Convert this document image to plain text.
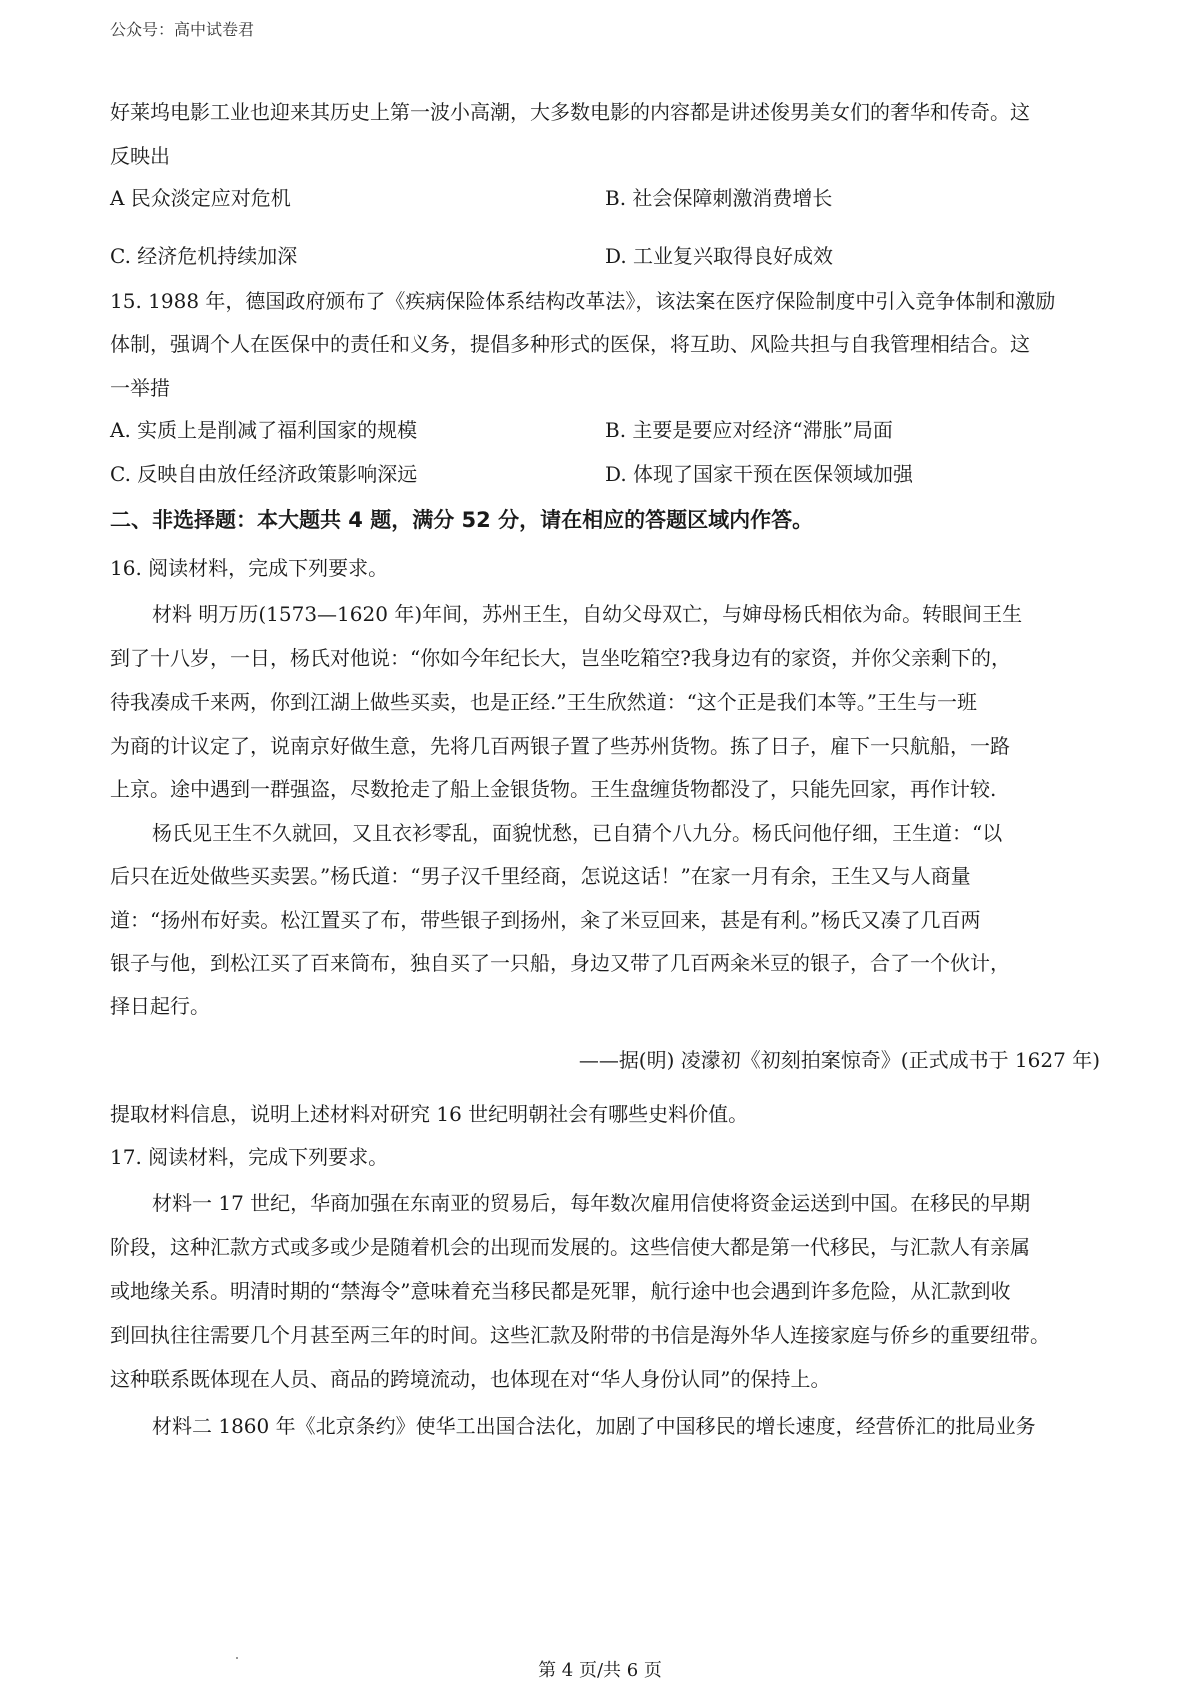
公众号：高中试卷君
好莱坞电影工业也迎来其历史上第一波小高潮，大多数电影的内容都是讲述俊男美女们的奢华和传奇。这
反映出
A 民众淡定应对危机	B. 社会保障刺激消费增长
C. 经济危机持续加深	D. 工业复兴取得良好成效
15. 1988 年，德国政府颁布了《疾病保险体系结构改革法》，该法案在医疗保险制度中引入竞争体制和激励
体制，强调个人在医保中的责任和义务，提倡多种形式的医保，将互助、风险共担与自我管理相结合。这
一举措
A. 实质上是削减了福利国家的规模	B. 主要是要应对经济“滞胀”局面
C. 反映自由放任经济政策影响深远	D. 体现了国家干预在医保领域加强
二、非选择题：本大题共 4 题，满分 52 分，请在相应的答题区域内作答。
16. 阅读材料，完成下列要求。
材料 明万历(1573—1620 年)年间，苏州王生，自幼父母双亡，与婶母杨氏相依为命。转眼间王生
到了十八岁，一日，杨氏对他说：“你如今年纪长大，岂坐吃箱空?我身边有的家资，并你父亲剩下的，
待我凑成千来两，你到江湖上做些买卖，也是正经.”王生欣然道：“这个正是我们本等。”王生与一班
为商的计议定了，说南京好做生意，先将几百两银子置了些苏州货物。拣了日子，雇下一只航船，一路
上京。途中遇到一群强盗，尽数抢走了船上金银货物。王生盘缠货物都没了，只能先回家，再作计较.
杨氏见王生不久就回，又且衣衫零乱，面貌忧愁，已自猜个八九分。杨氏问他仔细，王生道：“以
后只在近处做些买卖罢。”杨氏道：“男子汉千里经商，怎说这话！”在家一月有余，王生又与人商量
道：“扬州布好卖。松江置买了布，带些银子到扬州，籴了米豆回来，甚是有利。”杨氏又凑了几百两
银子与他，到松江买了百来筒布，独自买了一只船，身边又带了几百两籴米豆的银子，合了一个伙计，
择日起行。
——据(明) 凌濛初《初刻拍案惊奇》(正式成书于 1627 年)
提取材料信息，说明上述材料对研究 16 世纪明朝社会有哪些史料价值。
17. 阅读材料，完成下列要求。
材料一 17 世纪，华商加强在东南亚的贸易后，每年数次雇用信使将资金运送到中国。在移民的早期
阶段，这种汇款方式或多或少是随着机会的出现而发展的。这些信使大都是第一代移民，与汇款人有亲属
或地缘关系。明清时期的“禁海令”意味着充当移民都是死罪，航行途中也会遇到许多危险，从汇款到收
到回执往往需要几个月甚至两三年的时间。这些汇款及附带的书信是海外华人连接家庭与侨乡的重要纽带。
这种联系既体现在人员、商品的跨境流动，也体现在对“华人身份认同”的保持上。
材料二 1860 年《北京条约》使华工出国合法化，加剧了中国移民的增长速度，经营侨汇的批局业务
第 4 页/共 6 页
